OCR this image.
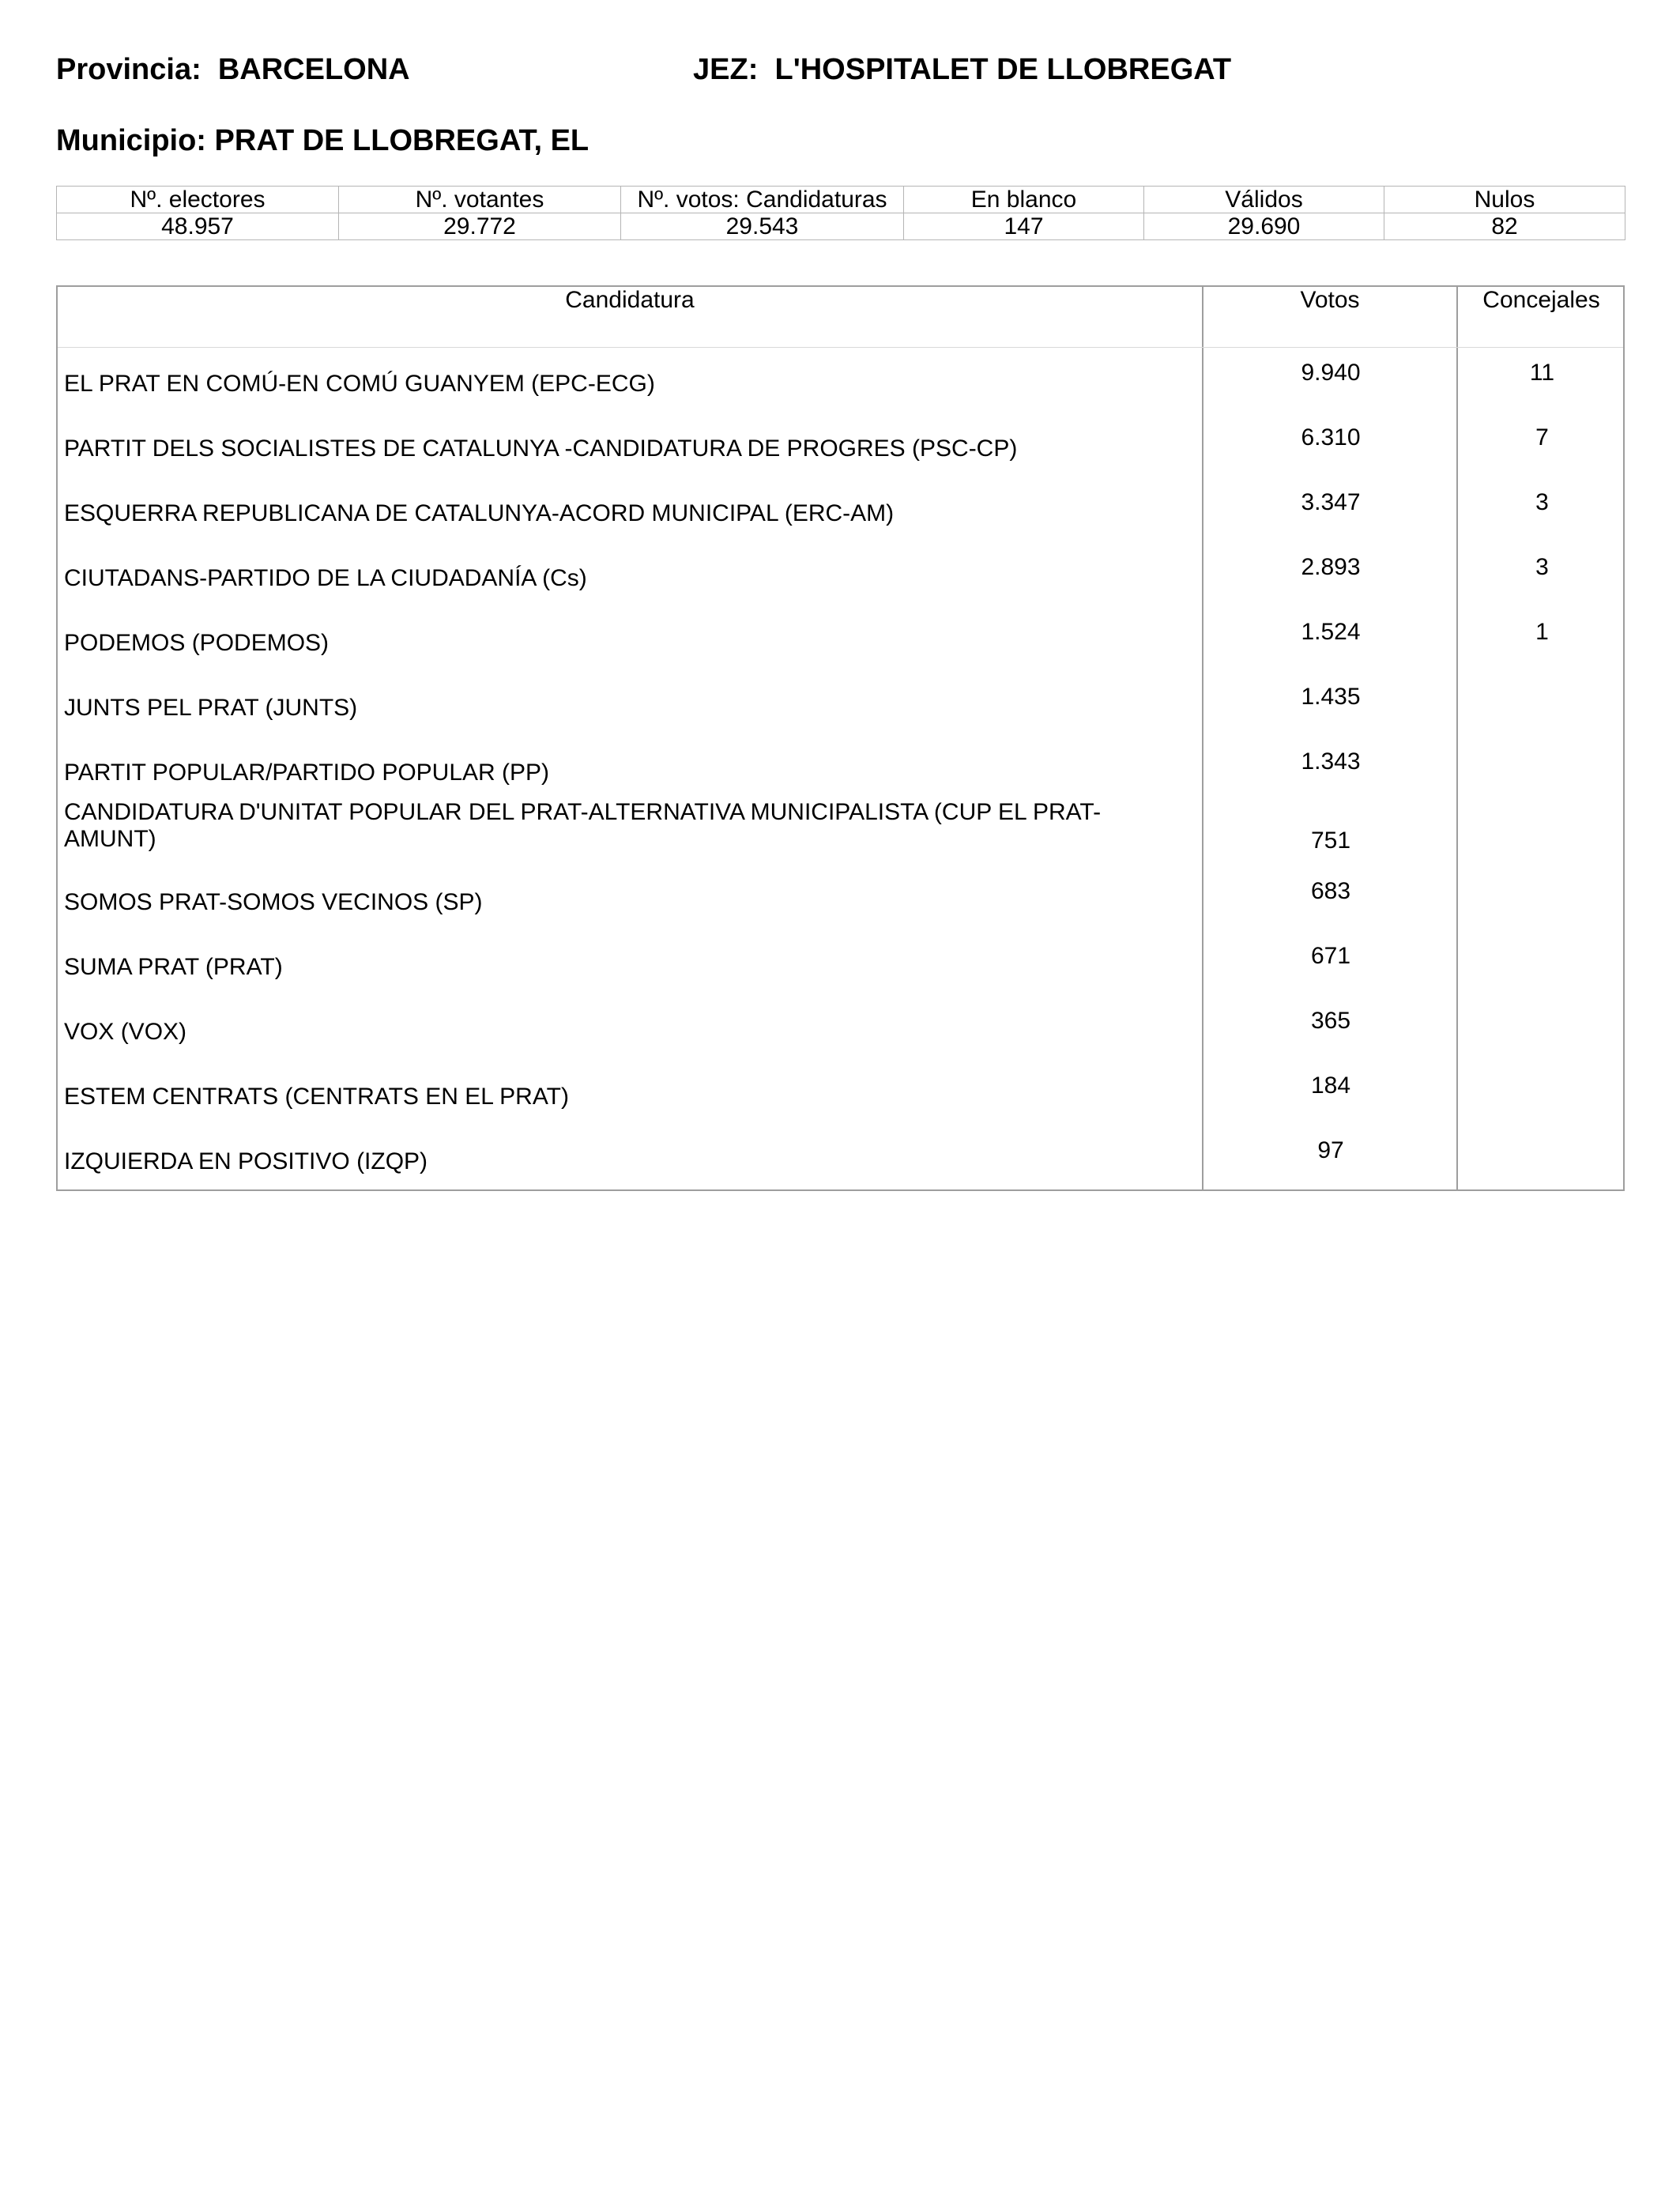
Provincia: BARCELONA	JEZ: L'HOSPITALET DE LLOBREGAT
Municipio: PRAT DE LLOBREGAT, EL
Nº. electores	Nº. votantes	Nº. votos: Candidaturas	En blanco	Válidos	Nulos
48.957	29.772	29.543	147	29.690	82
Candidatura	Votos	Concejales
EL PRAT EN COMÚ-EN COMÚ GUANYEM (EPC-ECG)	9.940	11
PARTIT DELS SOCIALISTES DE CATALUNYA -CANDIDATURA DE PROGRES (PSC-CP)	6.310	7
ESQUERRA REPUBLICANA DE CATALUNYA-ACORD MUNICIPAL (ERC-AM)	3.347	3
CIUTADANS-PARTIDO DE LA CIUDADANÍA (Cs)	2.893	3
PODEMOS (PODEMOS)	1.524	1
JUNTS PEL PRAT (JUNTS)	1.435
PARTIT POPULAR/PARTIDO POPULAR (PP)	1.343
CANDIDATURA D'UNITAT POPULAR DEL PRAT-ALTERNATIVA MUNICIPALISTA (CUP EL PRAT-AMUNT)	751
SOMOS PRAT-SOMOS VECINOS (SP)	683
SUMA PRAT (PRAT)	671
VOX (VOX)	365
ESTEM CENTRATS (CENTRATS EN EL PRAT)	184
IZQUIERDA EN POSITIVO (IZQP)	97
